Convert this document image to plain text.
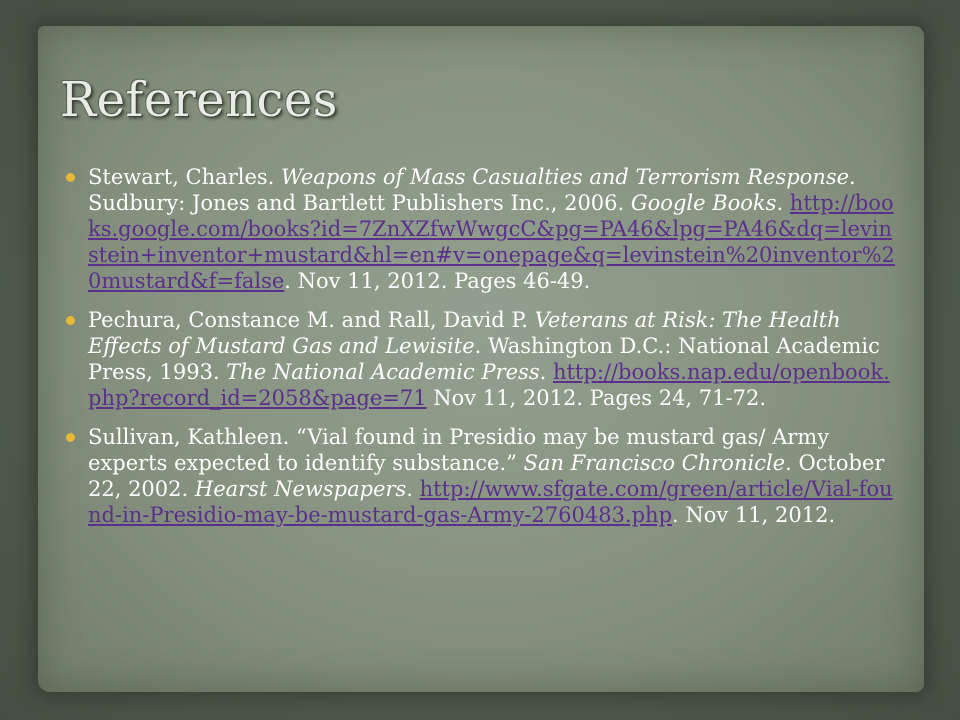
References
Stewart, Charles. Weapons of Mass Casualties and Terrorism Response. Sudbury: Jones and Bartlett Publishers Inc., 2006. Google Books. http://books.google.com/books?id=7ZnXZfwWwgcC&pg=PA46&lpg=PA46&dq=levinstein+inventor+mustard&hl=en#v=onepage&q=levinstein%20inventor%20mustard&f=false. Nov 11, 2012. Pages 46-49.
Pechura, Constance M. and Rall, David P. Veterans at Risk: The Health Effects of Mustard Gas and Lewisite. Washington D.C.: National Academic Press, 1993. The National Academic Press. http://books.nap.edu/openbook.php?record_id=2058&page=71 Nov 11, 2012. Pages 24, 71-72.
Sullivan, Kathleen. “Vial found in Presidio may be mustard gas/ Army experts expected to identify substance.” San Francisco Chronicle. October 22, 2002. Hearst Newspapers. http://www.sfgate.com/green/article/Vial-found-in-Presidio-may-be-mustard-gas-Army-2760483.php. Nov 11, 2012.
